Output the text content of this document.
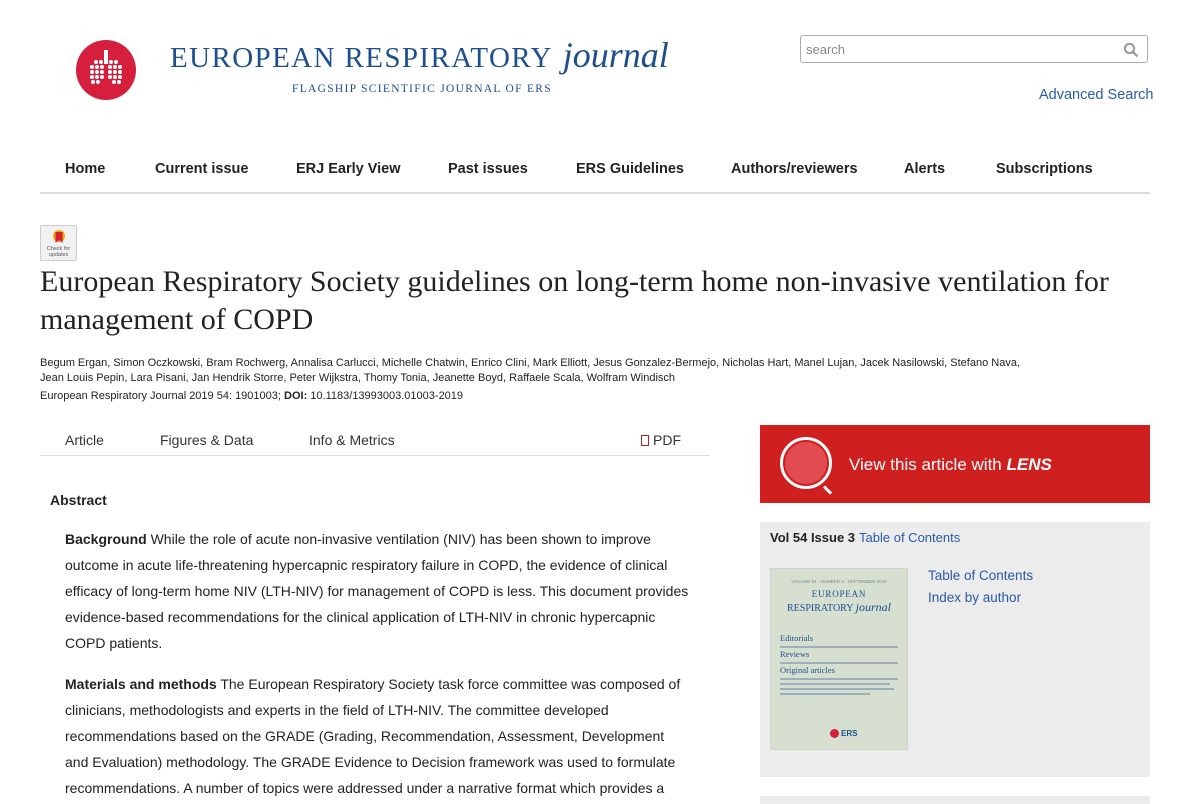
EUROPEAN RESPIRATORY journal
FLAGSHIP SCIENTIFIC JOURNAL OF ERS
search	Advanced Search
Home	Current issue	ERJ Early View	Past issues	ERS Guidelines	Authors/reviewers	Alerts	Subscriptions
Check for updates
European Respiratory Society guidelines on long-term home non-invasive ventilation for management of COPD
Begum Ergan, Simon Oczkowski, Bram Rochwerg, Annalisa Carlucci, Michelle Chatwin, Enrico Clini, Mark Elliott, Jesus Gonzalez-Bermejo, Nicholas Hart, Manel Lujan, Jacek Nasilowski, Stefano Nava,
Jean Louis Pepin, Lara Pisani, Jan Hendrik Storre, Peter Wijkstra, Thomy Tonia, Jeanette Boyd, Raffaele Scala, Wolfram Windisch
European Respiratory Journal 2019 54: 1901003; DOI: 10.1183/13993003.01003-2019
Article	Figures & Data	Info & Metrics	PDF
Abstract
Background While the role of acute non-invasive ventilation (NIV) has been shown to improve outcome in acute life-threatening hypercapnic respiratory failure in COPD, the evidence of clinical efficacy of long-term home NIV (LTH-NIV) for management of COPD is less. This document provides evidence-based recommendations for the clinical application of LTH-NIV in chronic hypercapnic COPD patients.
Materials and methods The European Respiratory Society task force committee was composed of clinicians, methodologists and experts in the field of LTH-NIV. The committee developed recommendations based on the GRADE (Grading, Recommendation, Assessment, Development and Evaluation) methodology. The GRADE Evidence to Decision framework was used to formulate recommendations. A number of topics were addressed under a narrative format which provides a
View this article with LENS
Vol 54 Issue 3 Table of Contents
VOLUME 54 · NUMBER 3 · SEPTEMBER 2019
EUROPEAN
RESPIRATORY journal
Editorials
Reviews
Original articles
ERS
Table of Contents
Index by author
